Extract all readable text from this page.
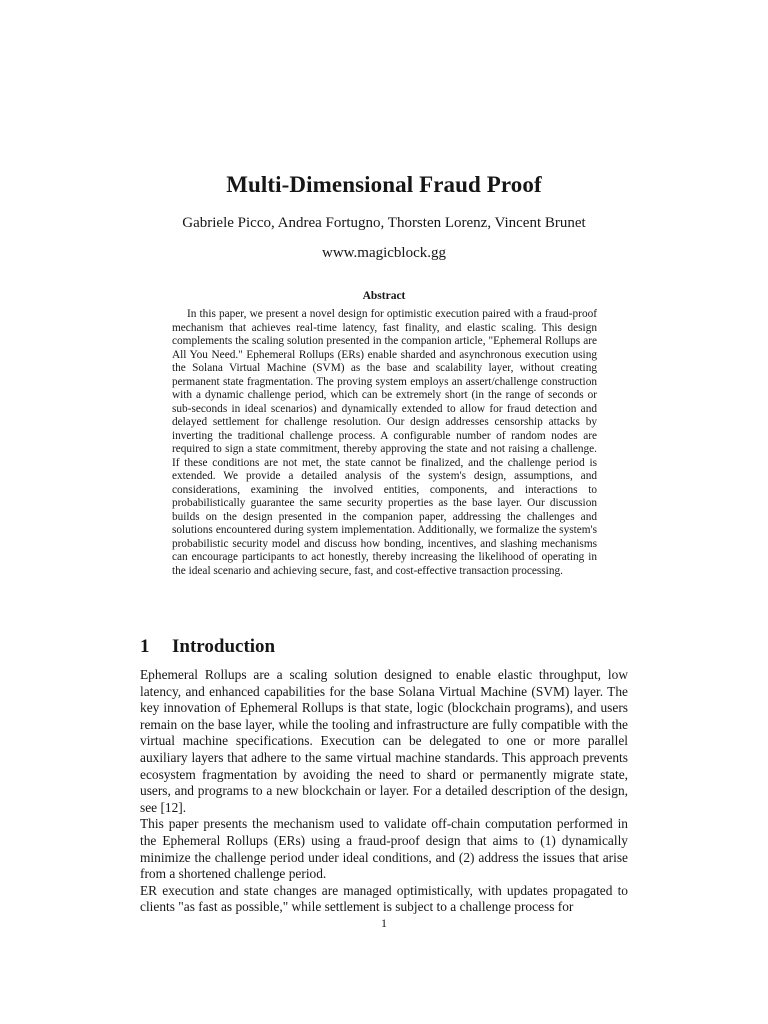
Multi-Dimensional Fraud Proof
Gabriele Picco, Andrea Fortugno, Thorsten Lorenz, Vincent Brunet
www.magicblock.gg
Abstract

In this paper, we present a novel design for optimistic execution paired with a fraud-proof mechanism that achieves real-time latency, fast finality, and elastic scaling. This design complements the scaling solution presented in the companion article, "Ephemeral Rollups are All You Need." Ephemeral Rollups (ERs) enable sharded and asynchronous execution using the Solana Virtual Machine (SVM) as the base and scalability layer, without creating permanent state fragmentation. The proving system employs an assert/challenge construction with a dynamic challenge period, which can be extremely short (in the range of seconds or sub-seconds in ideal scenarios) and dynamically extended to allow for fraud detection and delayed settlement for challenge resolution. Our design addresses censorship attacks by inverting the traditional challenge process. A configurable number of random nodes are required to sign a state commitment, thereby approving the state and not raising a challenge. If these conditions are not met, the state cannot be finalized, and the challenge period is extended. We provide a detailed analysis of the system's design, assumptions, and considerations, examining the involved entities, components, and interactions to probabilistically guarantee the same security properties as the base layer. Our discussion builds on the design presented in the companion paper, addressing the challenges and solutions encountered during system implementation. Additionally, we formalize the system's probabilistic security model and discuss how bonding, incentives, and slashing mechanisms can encourage participants to act honestly, thereby increasing the likelihood of operating in the ideal scenario and achieving secure, fast, and cost-effective transaction processing.

1 Introduction

Ephemeral Rollups are a scaling solution designed to enable elastic throughput, low latency, and enhanced capabilities for the base Solana Virtual Machine (SVM) layer. The key innovation of Ephemeral Rollups is that state, logic (blockchain programs), and users remain on the base layer, while the tooling and infrastructure are fully compatible with the virtual machine specifications. Execution can be delegated to one or more parallel auxiliary layers that adhere to the same virtual machine standards. This approach prevents ecosystem fragmentation by avoiding the need to shard or permanently migrate state, users, and programs to a new blockchain or layer. For a detailed description of the design, see [12].

This paper presents the mechanism used to validate off-chain computation performed in the Ephemeral Rollups (ERs) using a fraud-proof design that aims to (1) dynamically minimize the challenge period under ideal conditions, and (2) address the issues that arise from a shortened challenge period.

ER execution and state changes are managed optimistically, with updates propagated to clients "as fast as possible," while settlement is subject to a challenge process for

1
